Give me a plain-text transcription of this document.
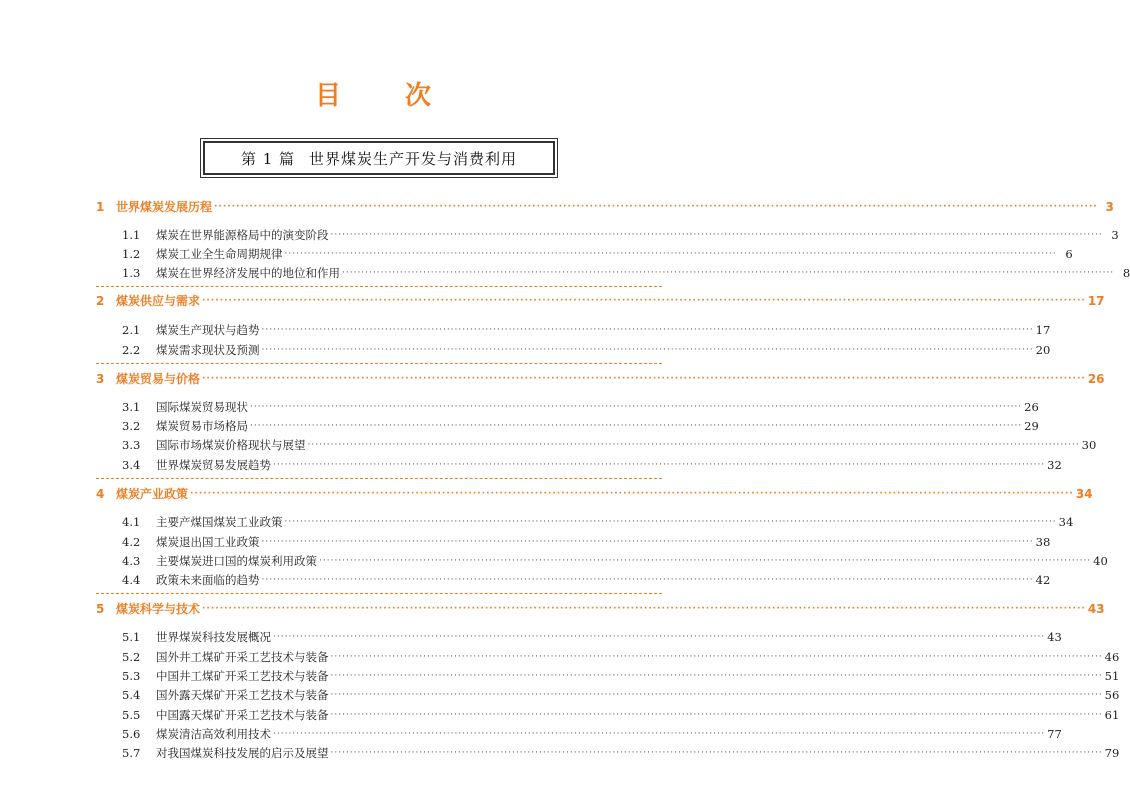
目 次
第 1 篇 世界煤炭生产开发与消费利用
1 世界煤炭发展历程 ········································································································································································································ 3
1.1	煤炭在世界能源格局中的演变阶段 ········································································································································································································ 3
1.2	煤炭工业全生命周期规律 ········································································································································································································ 6
1.3	煤炭在世界经济发展中的地位和作用 ········································································································································································································ 8
2 煤炭供应与需求 ········································································································································································································ 17
2.1	煤炭生产现状与趋势 ········································································································································································································ 17
2.2	煤炭需求现状及预测 ········································································································································································································ 20
3 煤炭贸易与价格 ········································································································································································································ 26
3.1	国际煤炭贸易现状 ········································································································································································································ 26
3.2	煤炭贸易市场格局 ········································································································································································································ 29
3.3	国际市场煤炭价格现状与展望 ········································································································································································································ 30
3.4	世界煤炭贸易发展趋势 ········································································································································································································ 32
4 煤炭产业政策 ········································································································································································································ 34
4.1	主要产煤国煤炭工业政策 ········································································································································································································ 34
4.2	煤炭退出国工业政策 ········································································································································································································ 38
4.3	主要煤炭进口国的煤炭利用政策 ········································································································································································································ 40
4.4	政策未来面临的趋势 ········································································································································································································ 42
5 煤炭科学与技术 ········································································································································································································ 43
5.1	世界煤炭科技发展概况 ········································································································································································································ 43
5.2	国外井工煤矿开采工艺技术与装备 ········································································································································································································ 46
5.3	中国井工煤矿开采工艺技术与装备 ········································································································································································································ 51
5.4	国外露天煤矿开采工艺技术与装备 ········································································································································································································ 56
5.5	中国露天煤矿开采工艺技术与装备 ········································································································································································································ 61
5.6	煤炭清洁高效利用技术 ········································································································································································································ 77
5.7	对我国煤炭科技发展的启示及展望 ········································································································································································································ 79
